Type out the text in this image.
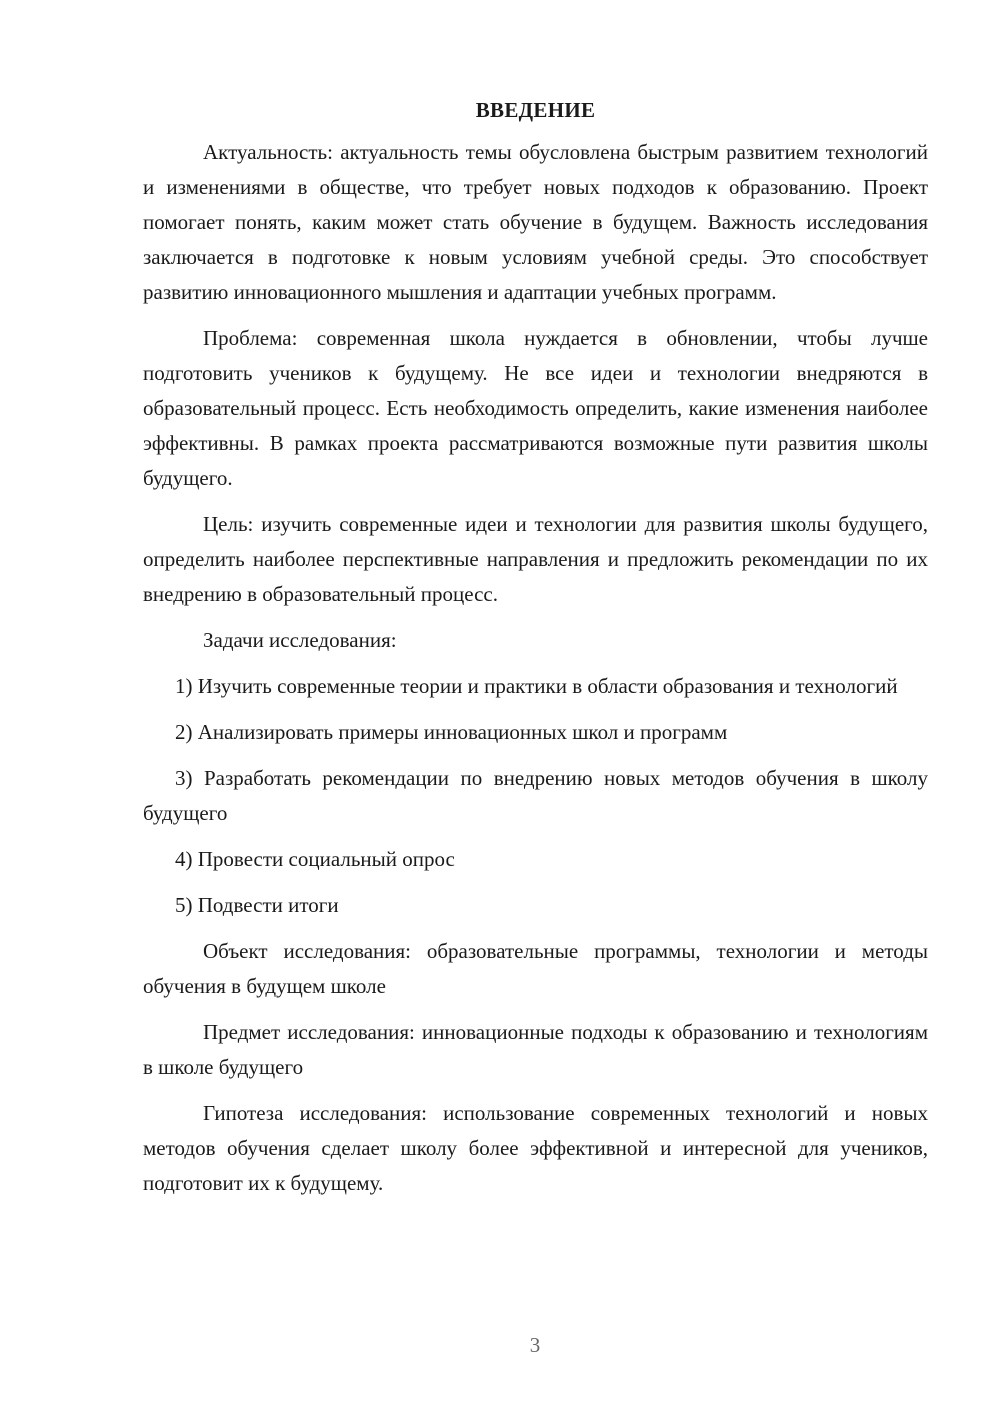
ВВЕДЕНИЕ

Актуальность: актуальность темы обусловлена быстрым развитием технологий и изменениями в обществе, что требует новых подходов к образованию. Проект помогает понять, каким может стать обучение в будущем. Важность исследования заключается в подготовке к новым условиям учебной среды. Это способствует развитию инновационного мышления и адаптации учебных программ.

Проблема: современная школа нуждается в обновлении, чтобы лучше подготовить учеников к будущему. Не все идеи и технологии внедряются в образовательный процесс. Есть необходимость определить, какие изменения наиболее эффективны. В рамках проекта рассматриваются возможные пути развития школы будущего.

Цель: изучить современные идеи и технологии для развития школы будущего, определить наиболее перспективные направления и предложить рекомендации по их внедрению в образовательный процесс.

Задачи исследования:

1) Изучить современные теории и практики в области образования и технологий

2) Анализировать примеры инновационных школ и программ

3) Разработать рекомендации по внедрению новых методов обучения в школу будущего

4) Провести социальный опрос

5) Подвести итоги

Объект исследования: образовательные программы, технологии и методы обучения в будущем школе

Предмет исследования: инновационные подходы к образованию и технологиям в школе будущего

Гипотеза исследования: использование современных технологий и новых методов обучения сделает школу более эффективной и интересной для учеников, подготовит их к будущему.

3
